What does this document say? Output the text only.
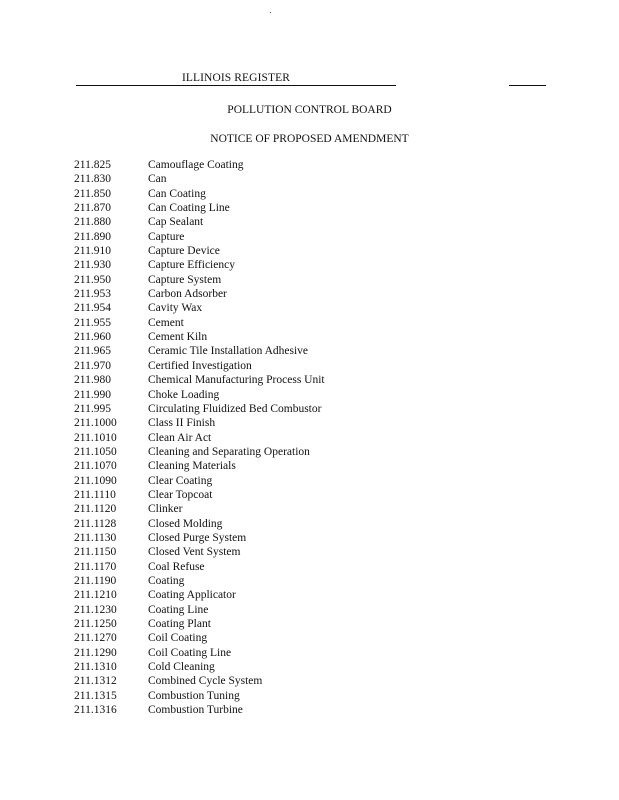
ILLINOIS REGISTER
POLLUTION CONTROL BOARD
NOTICE OF PROPOSED AMENDMENT
211.825	Camouflage Coating
211.830	Can
211.850	Can Coating
211.870	Can Coating Line
211.880	Cap Sealant
211.890	Capture
211.910	Capture Device
211.930	Capture Efficiency
211.950	Capture System
211.953	Carbon Adsorber
211.954	Cavity Wax
211.955	Cement
211.960	Cement Kiln
211.965	Ceramic Tile Installation Adhesive
211.970	Certified Investigation
211.980	Chemical Manufacturing Process Unit
211.990	Choke Loading
211.995	Circulating Fluidized Bed Combustor
211.1000	Class II Finish
211.1010	Clean Air Act
211.1050	Cleaning and Separating Operation
211.1070	Cleaning Materials
211.1090	Clear Coating
211.1110	Clear Topcoat
211.1120	Clinker
211.1128	Closed Molding
211.1130	Closed Purge System
211.1150	Closed Vent System
211.1170	Coal Refuse
211.1190	Coating
211.1210	Coating Applicator
211.1230	Coating Line
211.1250	Coating Plant
211.1270	Coil Coating
211.1290	Coil Coating Line
211.1310	Cold Cleaning
211.1312	Combined Cycle System
211.1315	Combustion Tuning
211.1316	Combustion Turbine
